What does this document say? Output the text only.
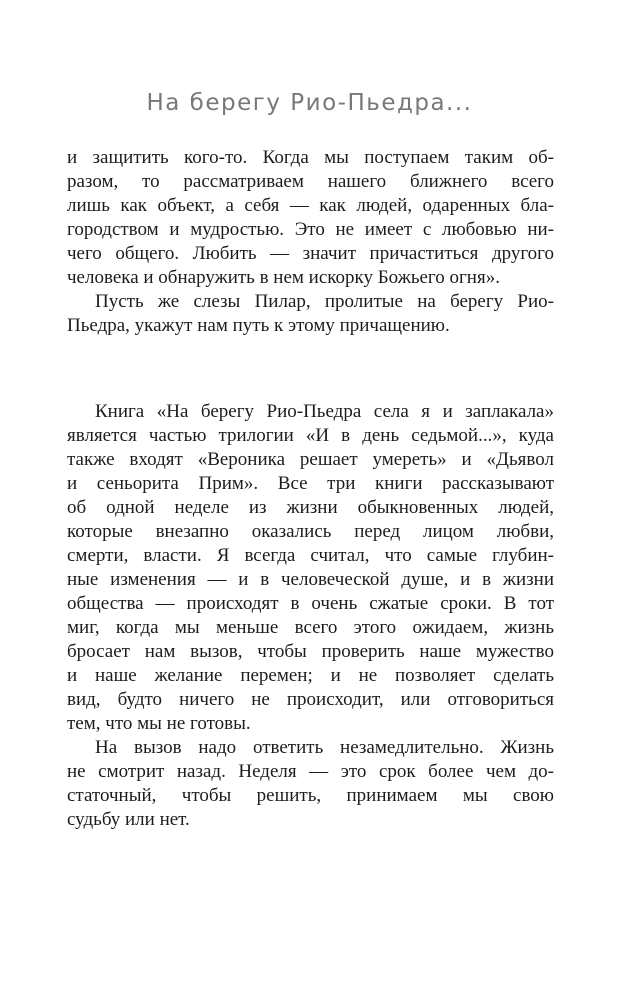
На берегу Рио-Пьедра...
и защитить кого-то. Когда мы поступаем таким об-
разом, то рассматриваем нашего ближнего всего
лишь как объект, а себя — как людей, одаренных бла-
городством и мудростью. Это не имеет с любовью ни-
чего общего. Любить — значит причаститься другого
человека и обнаружить в нем искорку Божьего огня».
Пусть же слезы Пилар, пролитые на берегу Рио-
Пьедра, укажут нам путь к этому причащению.
Книга «На берегу Рио-Пьедра села я и заплакала»
является частью трилогии «И в день седьмой...», куда
также входят «Вероника решает умереть» и «Дьявол
и сеньорита Прим». Все три книги рассказывают
об одной неделе из жизни обыкновенных людей,
которые внезапно оказались перед лицом любви,
смерти, власти. Я всегда считал, что самые глубин-
ные изменения — и в человеческой душе, и в жизни
общества — происходят в очень сжатые сроки. В тот
миг, когда мы меньше всего этого ожидаем, жизнь
бросает нам вызов, чтобы проверить наше мужество
и наше желание перемен; и не позволяет сделать
вид, будто ничего не происходит, или отговориться
тем, что мы не готовы.
На вызов надо ответить незамедлительно. Жизнь
не смотрит назад. Неделя — это срок более чем до-
статочный, чтобы решить, принимаем мы свою
судьбу или нет.
